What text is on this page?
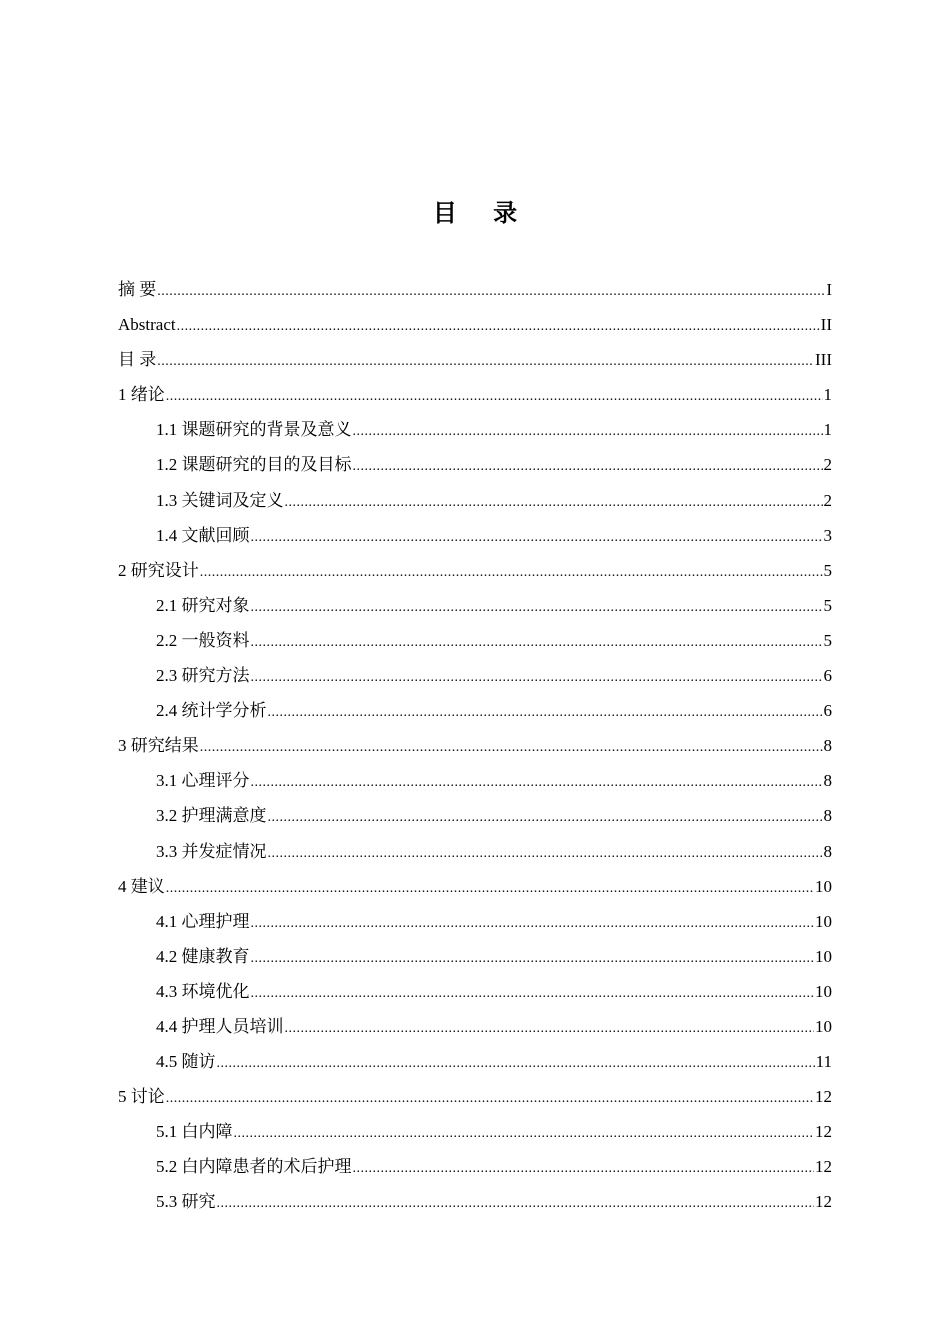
目 录
摘 要 .....	I
Abstract .....	II
目 录 .....	III
1 绪论 .....	1
1.1 课题研究的背景及意义 .....	1
1.2 课题研究的目的及目标 .....	2
1.3 关键词及定义 .....	2
1.4 文献回顾 .....	3
2 研究设计 .....	5
2.1 研究对象 .....	5
2.2 一般资料 .....	5
2.3 研究方法 .....	6
2.4 统计学分析 .....	6
3 研究结果 .....	8
3.1 心理评分 .....	8
3.2 护理满意度 .....	8
3.3 并发症情况 .....	8
4 建议 .....	10
4.1 心理护理 .....	10
4.2 健康教育 .....	10
4.3 环境优化 .....	10
4.4 护理人员培训 .....	10
4.5 随访 .....	11
5 讨论 .....	12
5.1 白内障 .....	12
5.2 白内障患者的术后护理 .....	12
5.3 研究 .....	12
